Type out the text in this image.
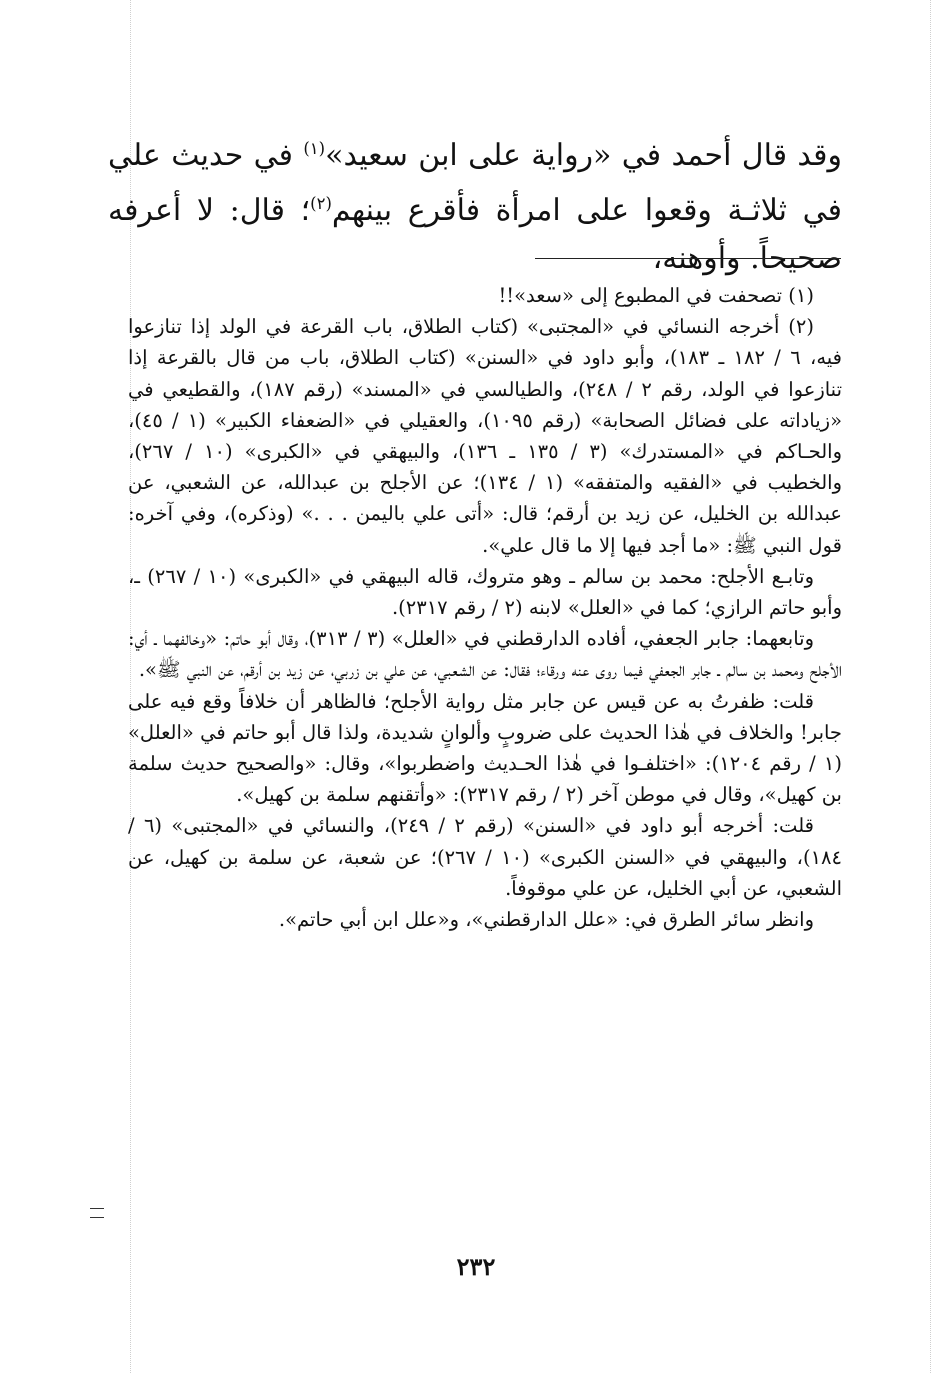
وقد قال أحمد في «رواية على ابن سعيد»$^{(١)}$ في حديث علي في ثلاثـة وقعوا على امرأة فأقرع بينهم$^{(٢)}$؛ قال: لا أعرفه صحيحاً. وأوهنه،

(١) تصحفت في المطبوع إلى «سعد»!!

(٢) أخرجه النسائي في «المجتبى» (كتاب الطلاق، باب القرعة في الولد إذا تنازعوا فيه، ٦ / ١٨٢ ـ ١٨٣)، وأبو داود في «السنن» (كتاب الطلاق، باب من قال بالقرعة إذا تنازعوا في الولد، رقم ٢ / ٢٤٨)، والطيالسي في «المسند» (رقم ١٨٧)، والقطيعي في «زياداته على فضائل الصحابة» (رقم ١٠٩٥)، والعقيلي في «الضعفاء الكبير» (١ / ٤٥)، والحـاكم في «المستدرك» (٣ / ١٣٥ ـ ١٣٦)، والبيهقي في «الكبرى» (١٠ / ٢٦٧)، والخطيب في «الفقيه والمتفقه» (١ / ١٣٤)؛ عن الأجلح بن عبدالله، عن الشعبي، عن عبدالله بن الخليل، عن زيد بن أرقم؛ قال: «أتى علي باليمن . . .» (وذكره)، وفي آخره: قول النبي ﷺ: «ما أجد فيها إلا ما قال علي».

وتابـع الأجلح: محمد بن سالم ـ وهو متروك، قاله البيهقي في «الكبرى» (١٠ / ٢٦٧) ـ، وأبو حاتم الرازي؛ كما في «العلل» لابنه (٢ / رقم ٢٣١٧).

وتابعهما: جابر الجعفي، أفاده الدارقطني في «العلل» (٣ / ٣١٣)، وقال أبو حاتم: «وخالفهما ـ أي: الأجلح ومحمد بن سالم ـ جابر الجعفي فيما روى عنه ورقاء؛ فقال: عن الشعبي، عن علي بن زربي، عن زيد بن أرقم، عن النبي ﷺ».

قلت: ظفرتُ به عن قيس عن جابر مثل رواية الأجلح؛ فالظاهر أن خلافاً وقع فيه على جابر! والخلاف في هٰذا الحديث على ضروبٍ وألوانٍ شديدة، ولذا قال أبو حاتم في «العلل» (١ / رقم ١٢٠٤): «اختلفـوا في هٰذا الحـديث واضطربوا»، وقال: «والصحيح حديث سلمة بن كهيل»، وقال في موطن آخر (٢ / رقم ٢٣١٧): «وأتقنهم سلمة بن كهيل».

قلت: أخرجه أبو داود في «السنن» (رقم ٢ / ٢٤٩)، والنسائي في «المجتبى» (٦ / ١٨٤)، والبيهقي في «السنن الكبرى» (١٠ / ٢٦٧)؛ عن شعبة، عن سلمة بن كهيل، عن الشعبي، عن أبي الخليل، عن علي موقوفاً.

وانظر سائر الطرق في: «علل الدارقطني»، و«علل ابن أبي حاتم».

٢٣٢
